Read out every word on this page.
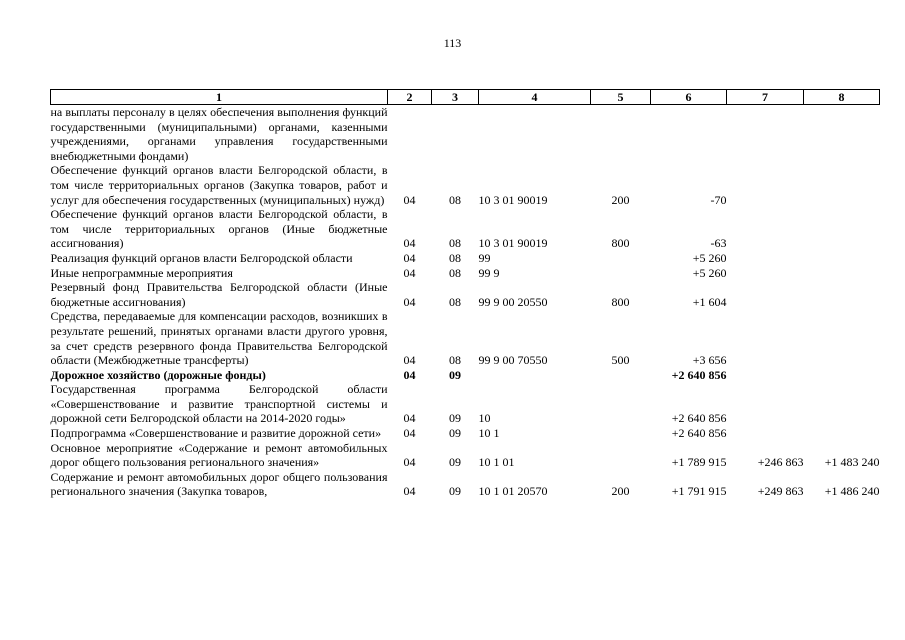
113
1	2	3	4	5	6	7	8
на выплаты персоналу в целях обеспечения выполнения функций государственными (муниципальными) органами, казенными учреждениями, органами управления государственными внебюджетными фондами)							
Обеспечение функций органов власти Белгородской области, в том числе территориальных органов (Закупка товаров, работ и услуг для обеспечения государственных (муниципальных) нужд)	04	08	10 3 01 90019	200	-70		
Обеспечение функций органов власти Белгородской области, в том числе территориальных органов (Иные бюджетные ассигнования)	04	08	10 3 01 90019	800	-63		
Реализация функций органов власти Белгородской области	04	08	99		+5 260		
Иные непрограммные мероприятия	04	08	99 9		+5 260		
Резервный фонд Правительства Белгородской области (Иные бюджетные ассигнования)	04	08	99 9 00 20550	800	+1 604		
Средства, передаваемые для компенсации расходов, возникших в результате решений, принятых органами власти другого уровня, за счет средств резервного фонда Правительства Белгородской области (Межбюджетные трансферты)	04	08	99 9 00 70550	500	+3 656		
Дорожное хозяйство (дорожные фонды)	04	09			+2 640 856		
Государственная программа Белгородской области «Совершенствование и развитие транспортной системы и дорожной сети Белгородской области на 2014-2020 годы»	04	09	10		+2 640 856		
Подпрограмма «Совершенствование и развитие дорожной сети»	04	09	10 1		+2 640 856		
Основное мероприятие «Содержание и ремонт автомобильных дорог общего пользования регионального значения»	04	09	10 1 01		+1 789 915	+246 863	+1 483 240
Содержание и ремонт автомобильных дорог общего пользования регионального значения (Закупка товаров,	04	09	10 1 01 20570	200	+1 791 915	+249 863	+1 486 240
